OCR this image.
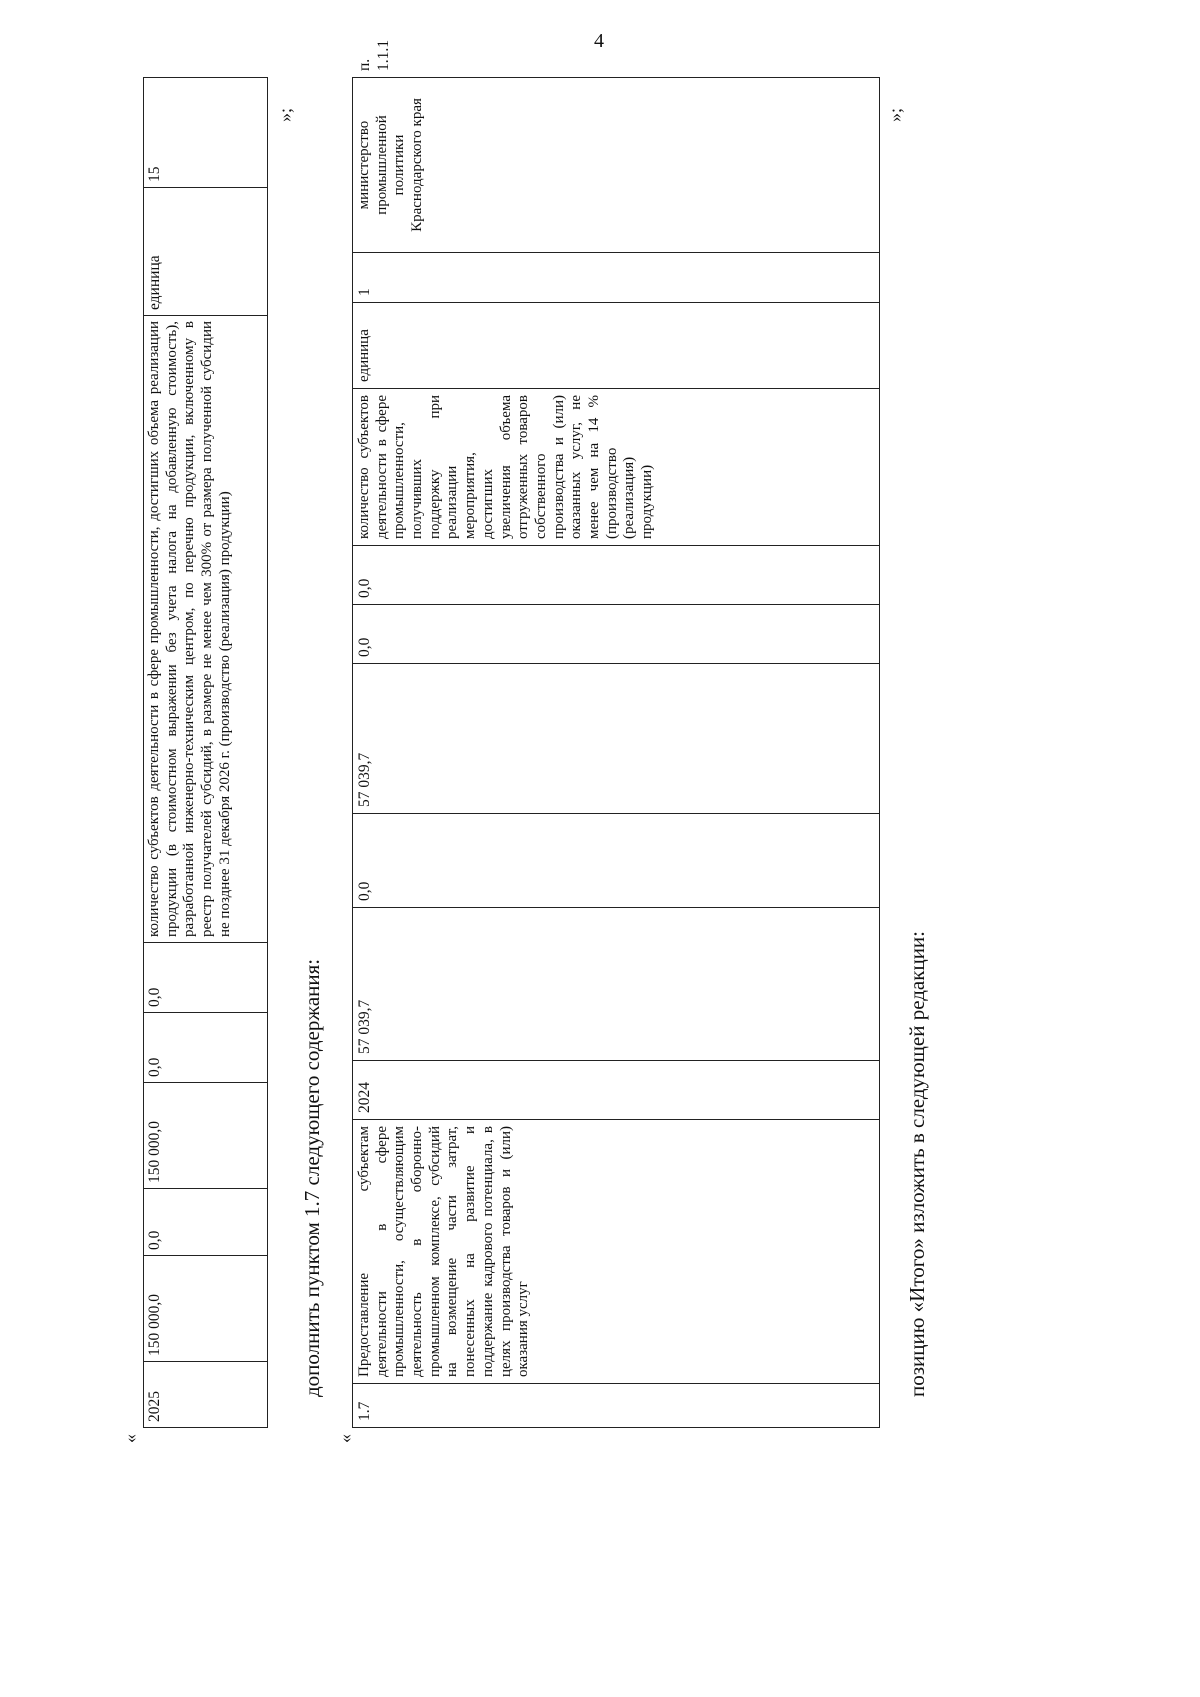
4
«
2025	150 000,0	0,0	150 000,0	0,0	0,0	количество субъектов деятельности в сфере промышленности, достигших объема реализации продукции (в стоимостном выражении без учета налога на добавленную стоимость), разработанной инженерно-техническим центром, по перечню продукции, включенному в реестр получателей субсидий, в размере не менее чем 300% от размера полученной субсидии не позднее 31 декабря 2026 г. (производство (реализация) продукции)	единица	15
»;
дополнить пунктом 1.7 следующего содержания:
«
1.7	Предоставление субъектам деятельности в сфере промышленности, осуществляющим деятельность в оборонно-промышленном комплексе, субсидий на возмещение части затрат, понесенных на развитие и поддержание кадрового потенциала, в целях производства товаров и (или) оказания услуг	2024	57 039,7	0,0	57 039,7	0,0	0,0	количество субъектов деятельности в сфере промышленности, получивших поддержку при реализации мероприятия, достигших увеличения объема отгруженных товаров собственного производства и (или) оказанных услуг, не менее чем на 14 % (производство (реализация) продукции)	единица	1	министерство промышленной политики Краснодарского края	п. 1.1.1
»;
позицию «Итого» изложить в следующей редакции:
